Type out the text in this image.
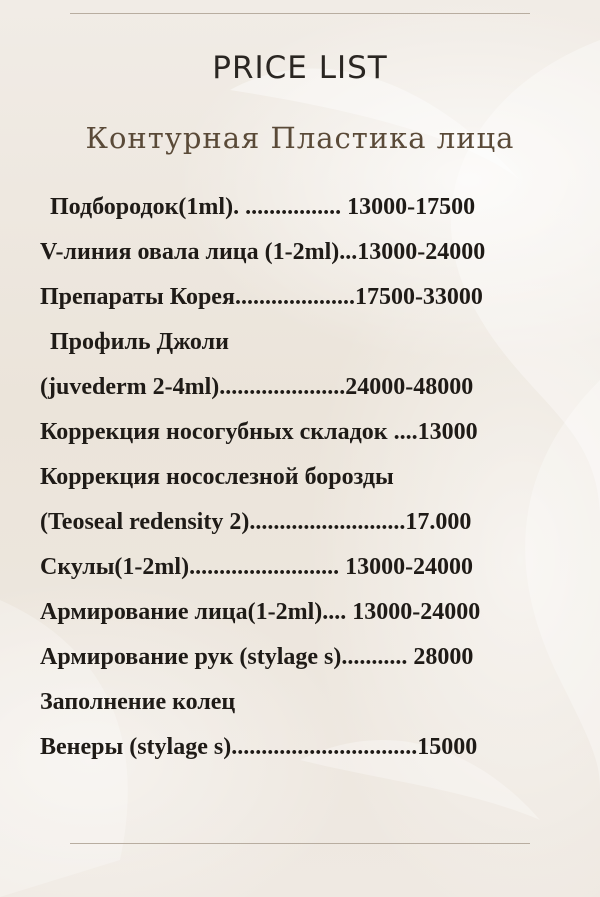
PRICE LIST
Контурная Пластика лица
Подбородок(1ml). ................ 13000-17500
V-линия овала лица (1-2ml)...13000-24000
Препараты Корея....................17500-33000
Профиль Джоли
(juvederm 2-4ml).....................24000-48000
Коррекция носогубных складок ....13000
Коррекция носослезной борозды
(Teoseal redensity 2)..........................17.000
Скулы(1-2ml)......................... 13000-24000
Армирование лица(1-2ml).... 13000-24000
Армирование рук (stylage s)........... 28000
Заполнение колец
Венеры (stylage s)...............................15000
